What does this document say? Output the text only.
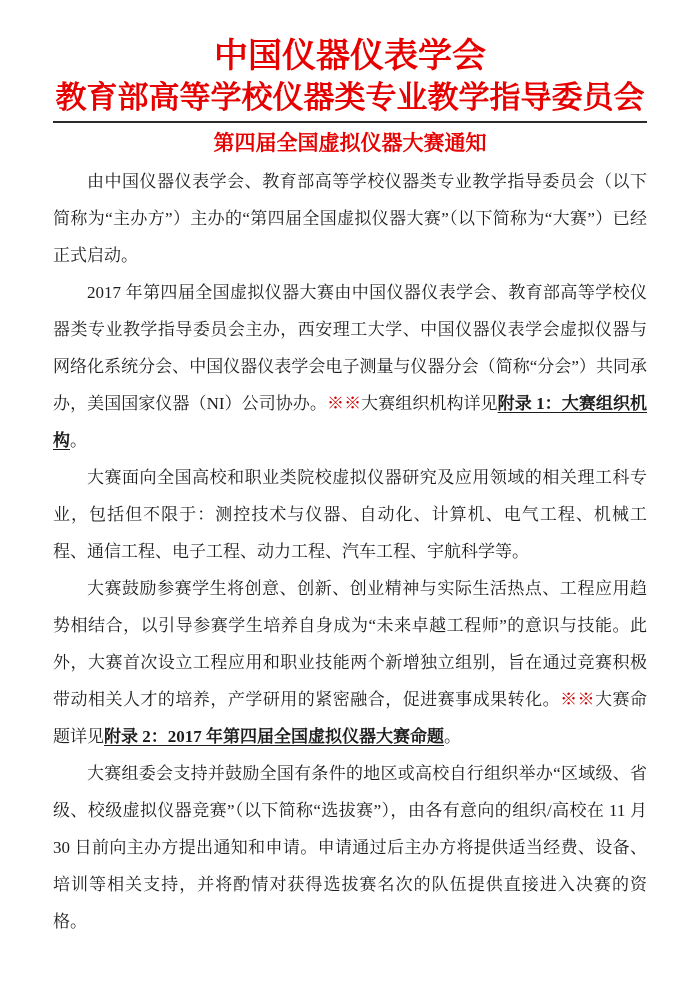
中国仪器仪表学会
教育部高等学校仪器类专业教学指导委员会
第四届全国虚拟仪器大赛通知

由中国仪器仪表学会、教育部高等学校仪器类专业教学指导委员会（以下简称为“主办方”）主办的“第四届全国虚拟仪器大赛”（以下简称为“大赛”）已经正式启动。

2017 年第四届全国虚拟仪器大赛由中国仪器仪表学会、教育部高等学校仪器类专业教学指导委员会主办，西安理工大学、中国仪器仪表学会虚拟仪器与网络化系统分会、中国仪器仪表学会电子测量与仪器分会（简称“分会”）共同承办，美国国家仪器（NI）公司协办。※※大赛组织机构详见附录 1：大赛组织机构。

大赛面向全国高校和职业类院校虚拟仪器研究及应用领域的相关理工科专业，包括但不限于：测控技术与仪器、自动化、计算机、电气工程、机械工程、通信工程、电子工程、动力工程、汽车工程、宇航科学等。

大赛鼓励参赛学生将创意、创新、创业精神与实际生活热点、工程应用趋势相结合，以引导参赛学生培养自身成为“未来卓越工程师”的意识与技能。此外，大赛首次设立工程应用和职业技能两个新增独立组别，旨在通过竞赛积极带动相关人才的培养，产学研用的紧密融合，促进赛事成果转化。※※大赛命题详见附录 2：2017 年第四届全国虚拟仪器大赛命题。

大赛组委会支持并鼓励全国有条件的地区或高校自行组织举办“区域级、省级、校级虚拟仪器竞赛”（以下简称“选拔赛”），由各有意向的组织/高校在 11 月 30 日前向主办方提出通知和申请。申请通过后主办方将提供适当经费、设备、培训等相关支持，并将酌情对获得选拔赛名次的队伍提供直接进入决赛的资格。
